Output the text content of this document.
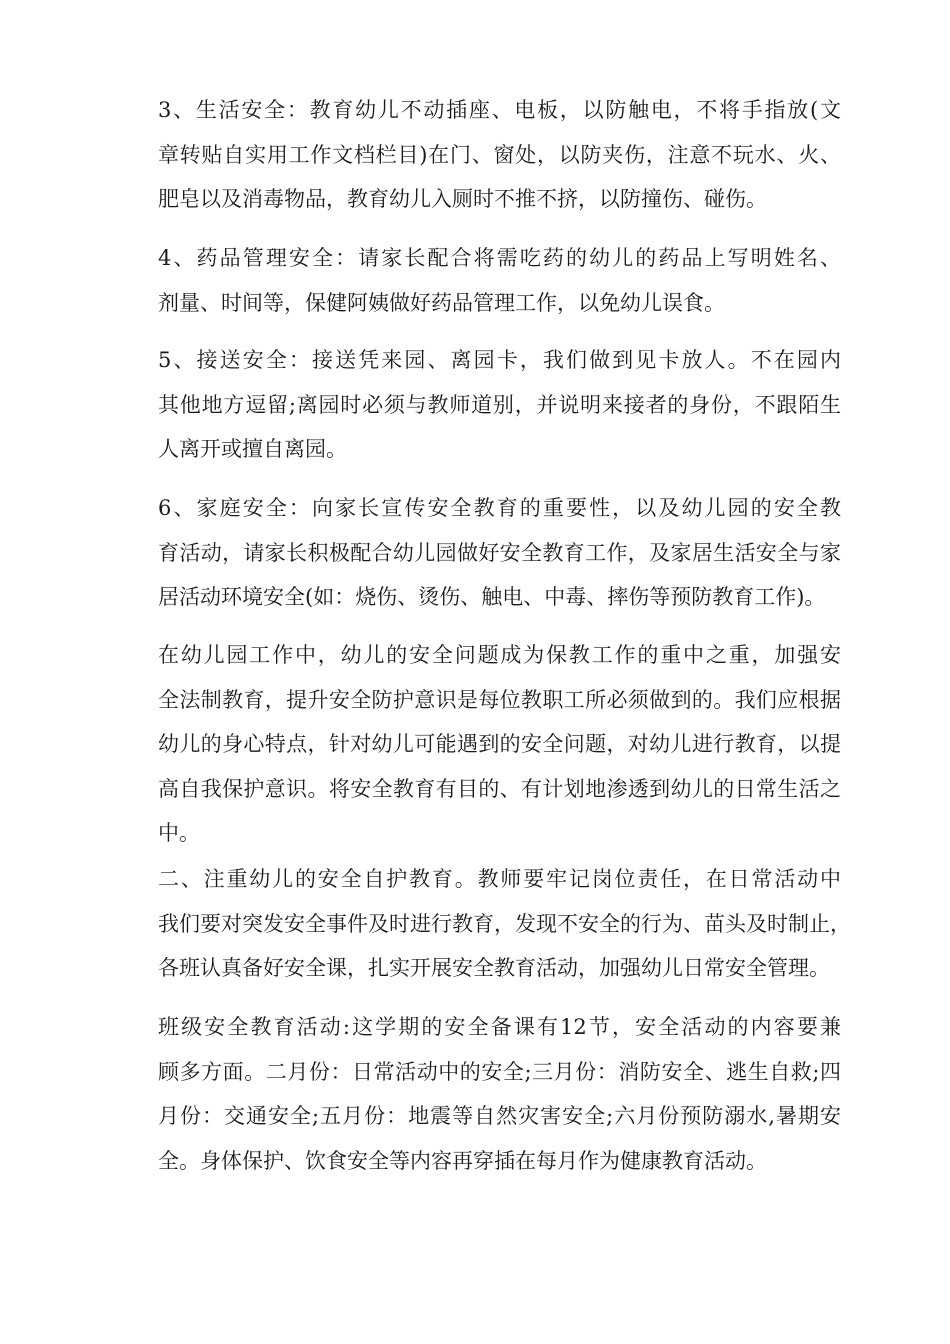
3、生活安全：教育幼儿不动插座、电板，以防触电，不将手指放(文
章转贴自实用工作文档栏目)在门、窗处，以防夹伤，注意不玩水、火、
肥皂以及消毒物品，教育幼儿入厕时不推不挤，以防撞伤、碰伤。
4、药品管理安全：请家长配合将需吃药的幼儿的药品上写明姓名、
剂量、时间等，保健阿姨做好药品管理工作，以免幼儿误食。
5、接送安全：接送凭来园、离园卡，我们做到见卡放人。不在园内
其他地方逗留;离园时必须与教师道别，并说明来接者的身份，不跟陌生
人离开或擅自离园。
6、家庭安全：向家长宣传安全教育的重要性，以及幼儿园的安全教
育活动，请家长积极配合幼儿园做好安全教育工作，及家居生活安全与家
居活动环境安全(如：烧伤、烫伤、触电、中毒、摔伤等预防教育工作)。
在幼儿园工作中，幼儿的安全问题成为保教工作的重中之重，加强安
全法制教育，提升安全防护意识是每位教职工所必须做到的。我们应根据
幼儿的身心特点，针对幼儿可能遇到的安全问题，对幼儿进行教育，以提
高自我保护意识。将安全教育有目的、有计划地渗透到幼儿的日常生活之
中。
二、注重幼儿的安全自护教育。教师要牢记岗位责任，在日常活动中
我们要对突发安全事件及时进行教育，发现不安全的行为、苗头及时制止，
各班认真备好安全课，扎实开展安全教育活动，加强幼儿日常安全管理。
班级安全教育活动:这学期的安全备课有12节，安全活动的内容要兼
顾多方面。二月份：日常活动中的安全;三月份：消防安全、逃生自救;四
月份：交通安全;五月份：地震等自然灾害安全;六月份预防溺水,暑期安
全。身体保护、饮食安全等内容再穿插在每月作为健康教育活动。
